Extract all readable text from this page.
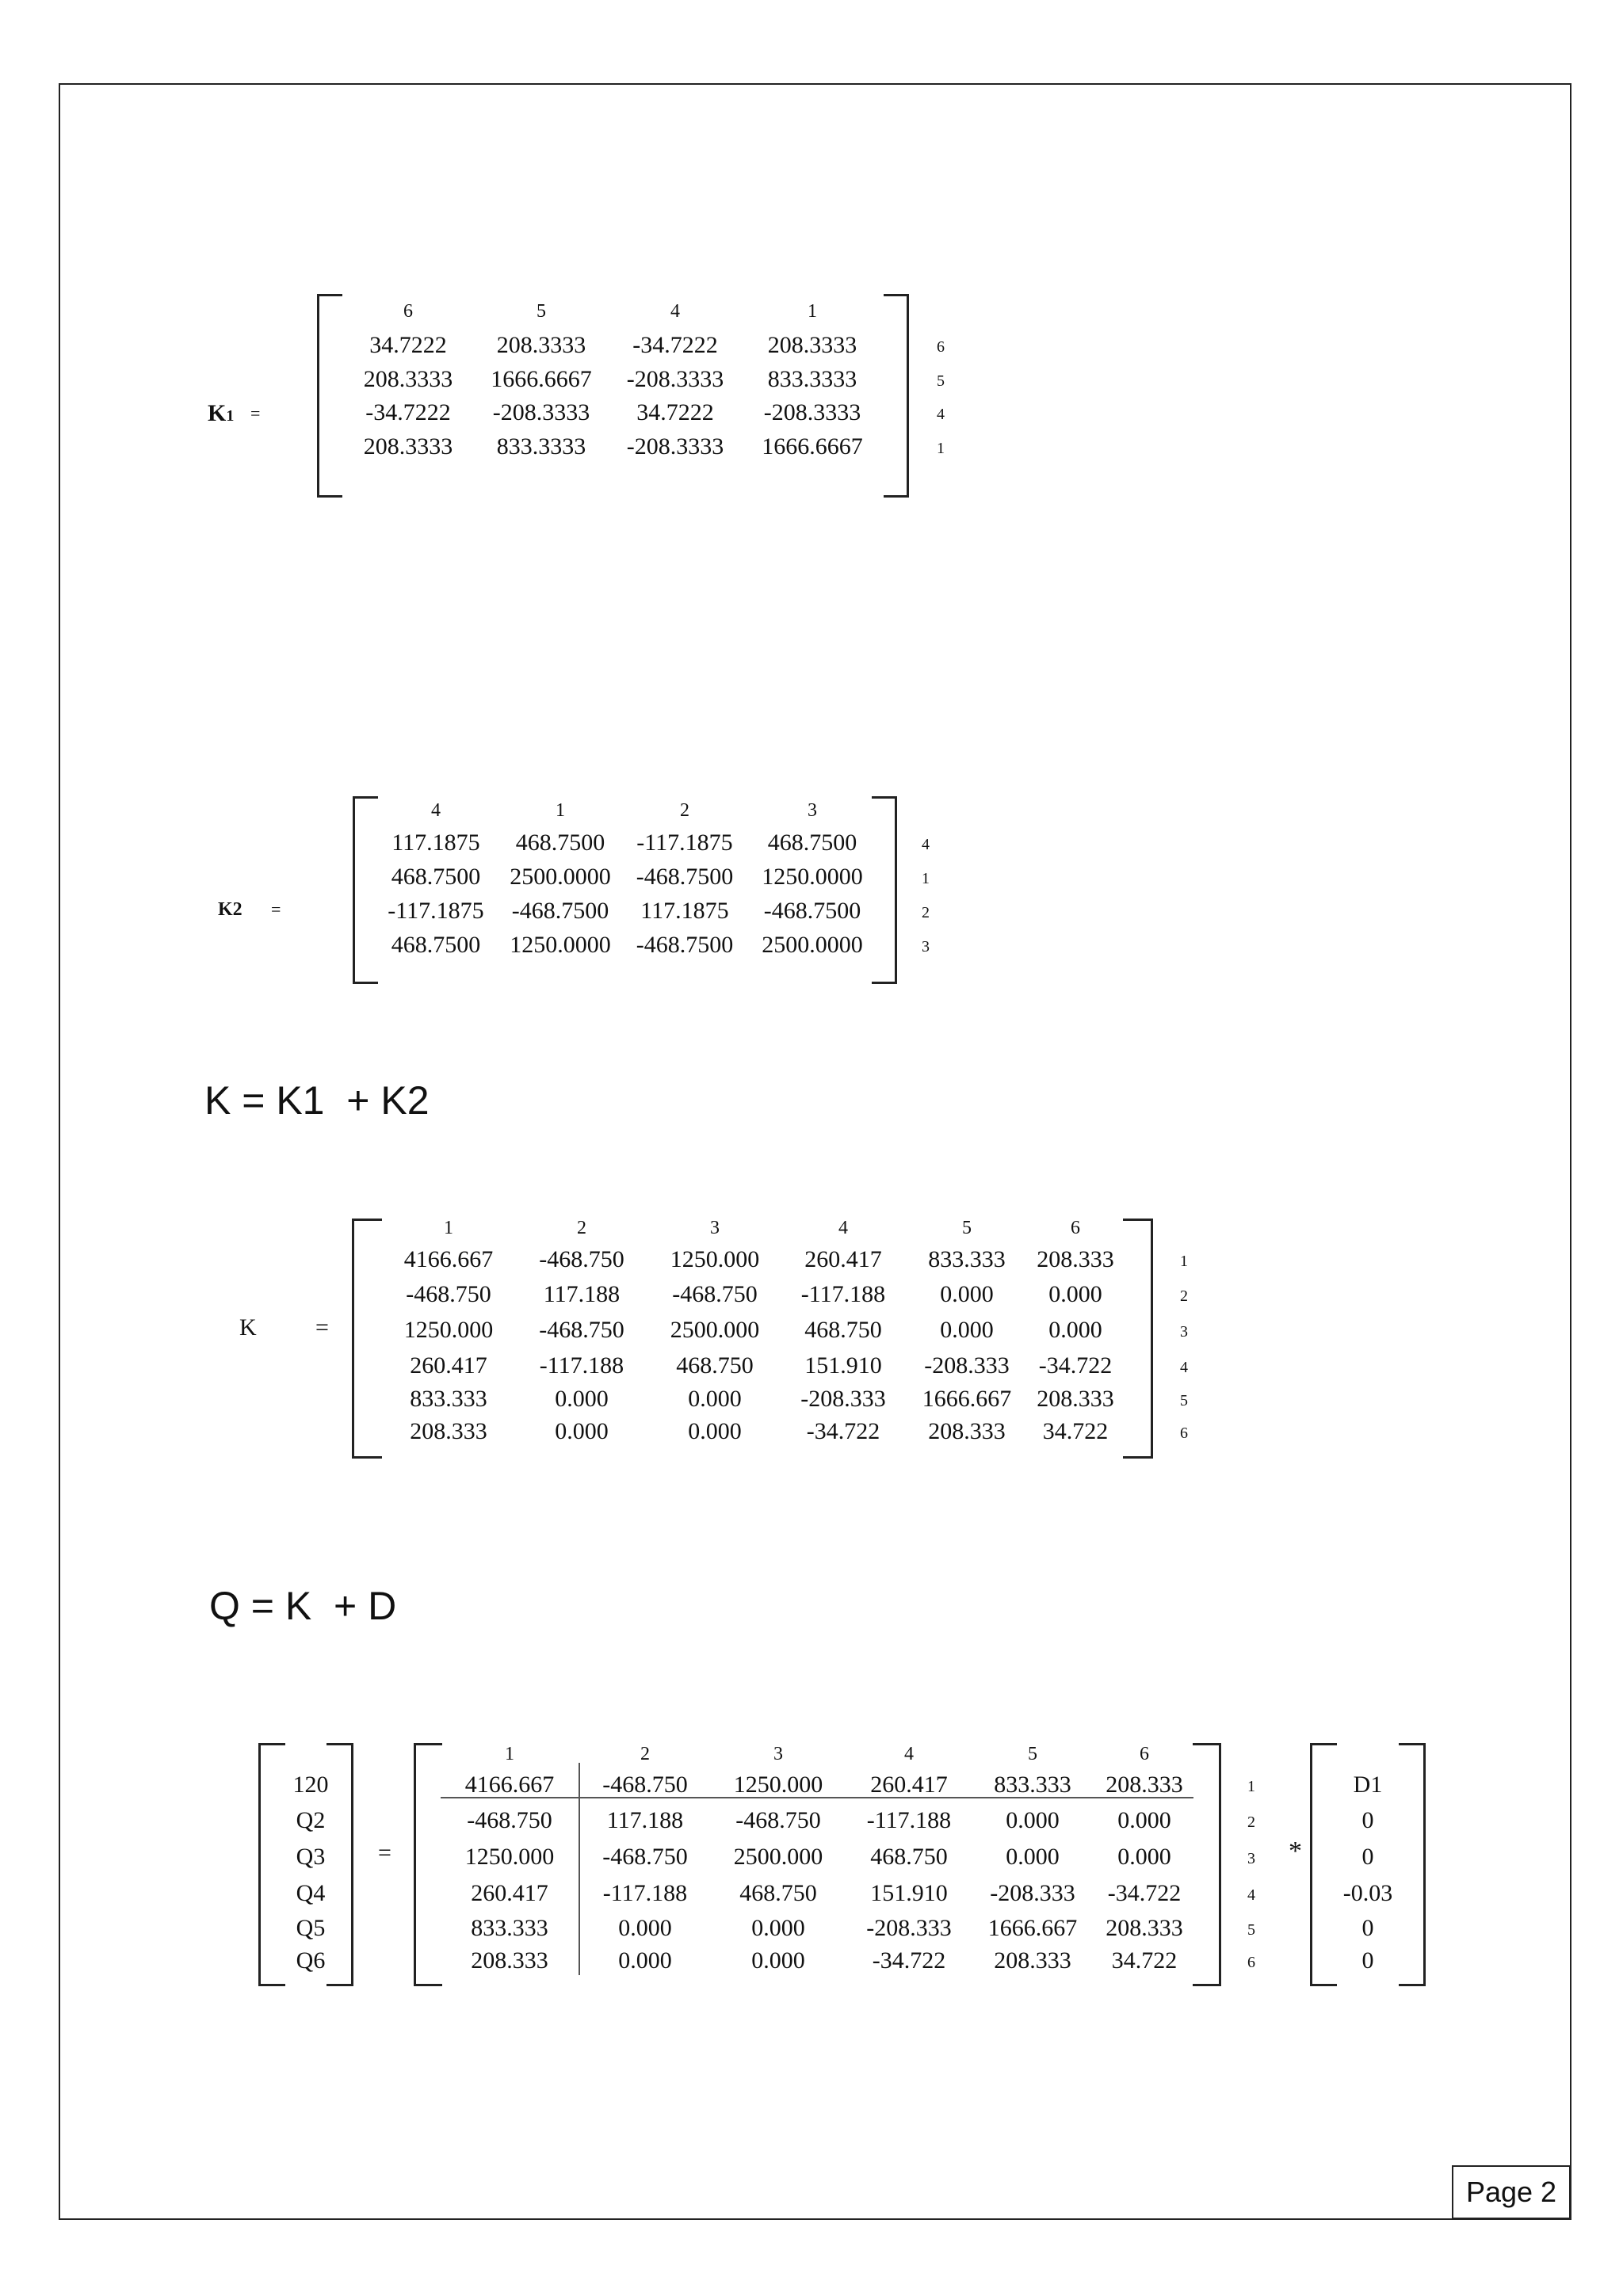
K1 =
6	5	4	1
34.7222	208.3333	-34.7222	208.3333
208.3333	1666.6667	-208.3333	833.3333
-34.7222	-208.3333	34.7222	-208.3333
208.3333	833.3333	-208.3333	1666.6667
6
5
4
1
K2 =
4	1	2	3
117.1875	468.7500	-117.1875	468.7500
468.7500	2500.0000	-468.7500	1250.0000
-117.1875	-468.7500	117.1875	-468.7500
468.7500	1250.0000	-468.7500	2500.0000
4
1
2
3
K = K1  + K2
K =
1	2	3	4	5	6
4166.667	-468.750	1250.000	260.417	833.333	208.333
-468.750	117.188	-468.750	-117.188	0.000	0.000
1250.000	-468.750	2500.000	468.750	0.000	0.000
260.417	-117.188	468.750	151.910	-208.333	-34.722
833.333	0.000	0.000	-208.333	1666.667	208.333
208.333	0.000	0.000	-34.722	208.333	34.722
1
2
3
4
5
6
Q = K  + D
120
Q2
Q3
Q4
Q5
Q6
=
1	2	3	4	5	6
4166.667	-468.750	1250.000	260.417	833.333	208.333
-468.750	117.188	-468.750	-117.188	0.000	0.000
1250.000	-468.750	2500.000	468.750	0.000	0.000
260.417	-117.188	468.750	151.910	-208.333	-34.722
833.333	0.000	0.000	-208.333	1666.667	208.333
208.333	0.000	0.000	-34.722	208.333	34.722
1
2
3
4
5
6
*
D1
0
0
-0.03
0
0
Page 2
